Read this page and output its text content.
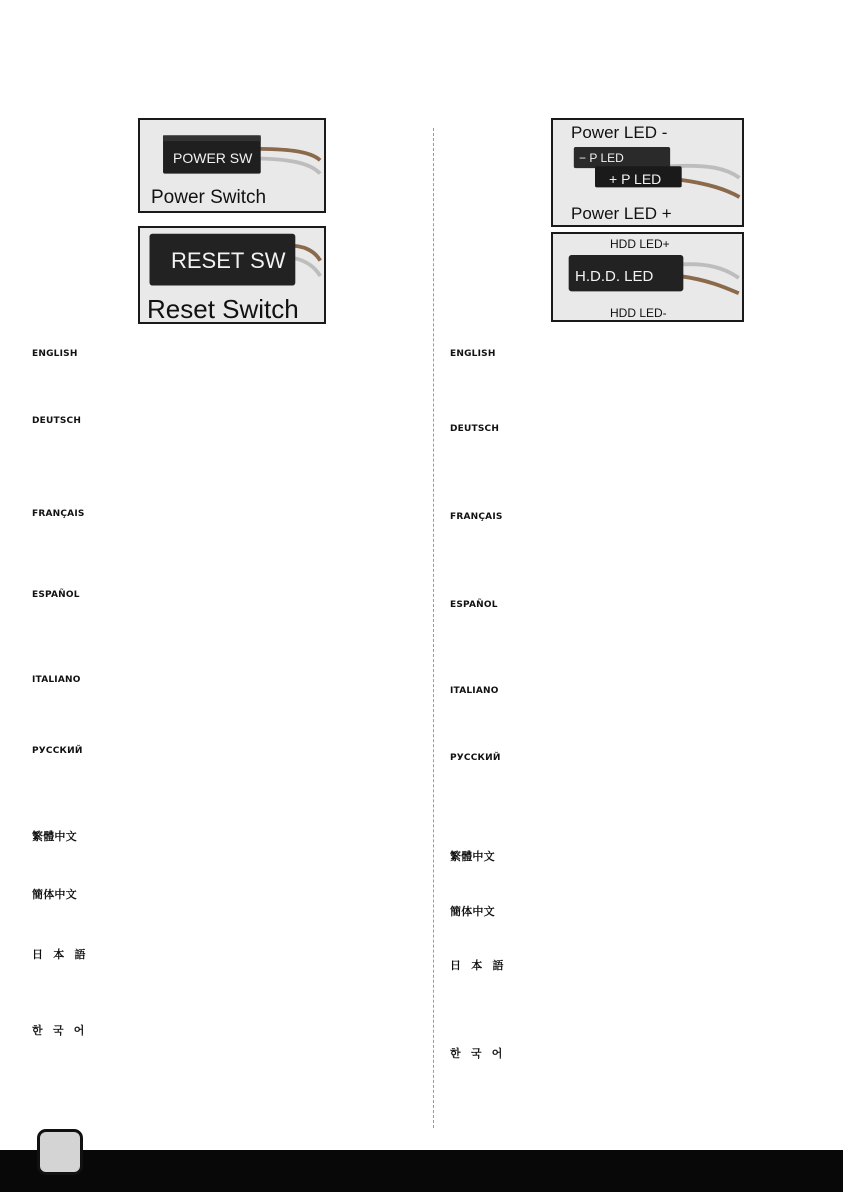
POWER SW
Power Switch
RESET SW
Reset Switch
Power LED -
− P LED
+ P LED
Power LED +
HDD LED+
H.D.D. LED
HDD LED-
ENGLISH
DEUTSCH
FRANÇAIS
ESPAÑOL
ITALIANO
РУССКИЙ
繁體中文
簡体中文
日 本 語
한 국 어
ENGLISH
DEUTSCH
FRANÇAIS
ESPAÑOL
ITALIANO
РУССКИЙ
繁體中文
簡体中文
日 本 語
한 국 어
